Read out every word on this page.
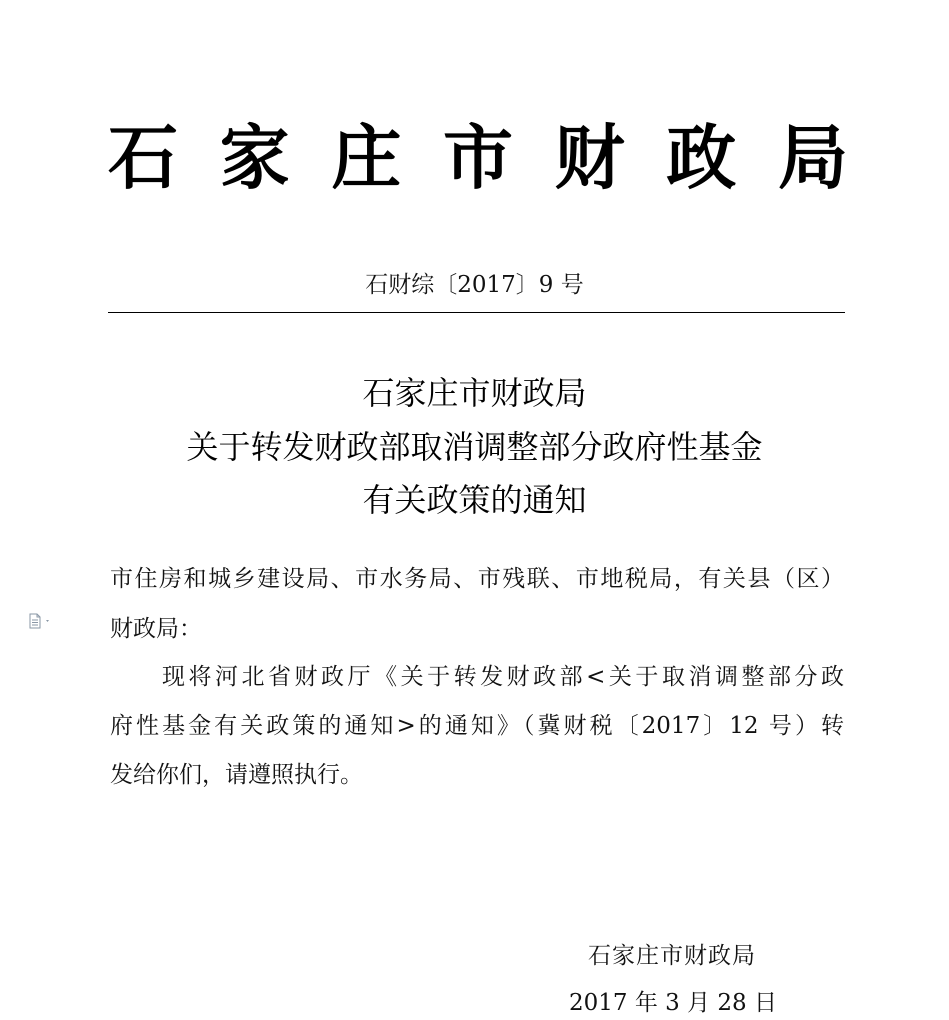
石 家 庄 市 财 政 局
石财综〔2017〕9 号
石家庄市财政局
关于转发财政部取消调整部分政府性基金
有关政策的通知
市住房和城乡建设局、市水务局、市残联、市地税局，有关县（区）
财政局：
现将河北省财政厅《关于转发财政部<关于取消调整部分政
府性基金有关政策的通知>的通知》（冀财税〔2017〕12 号）转
发给你们，请遵照执行。
石家庄市财政局
2017 年 3 月 28 日
